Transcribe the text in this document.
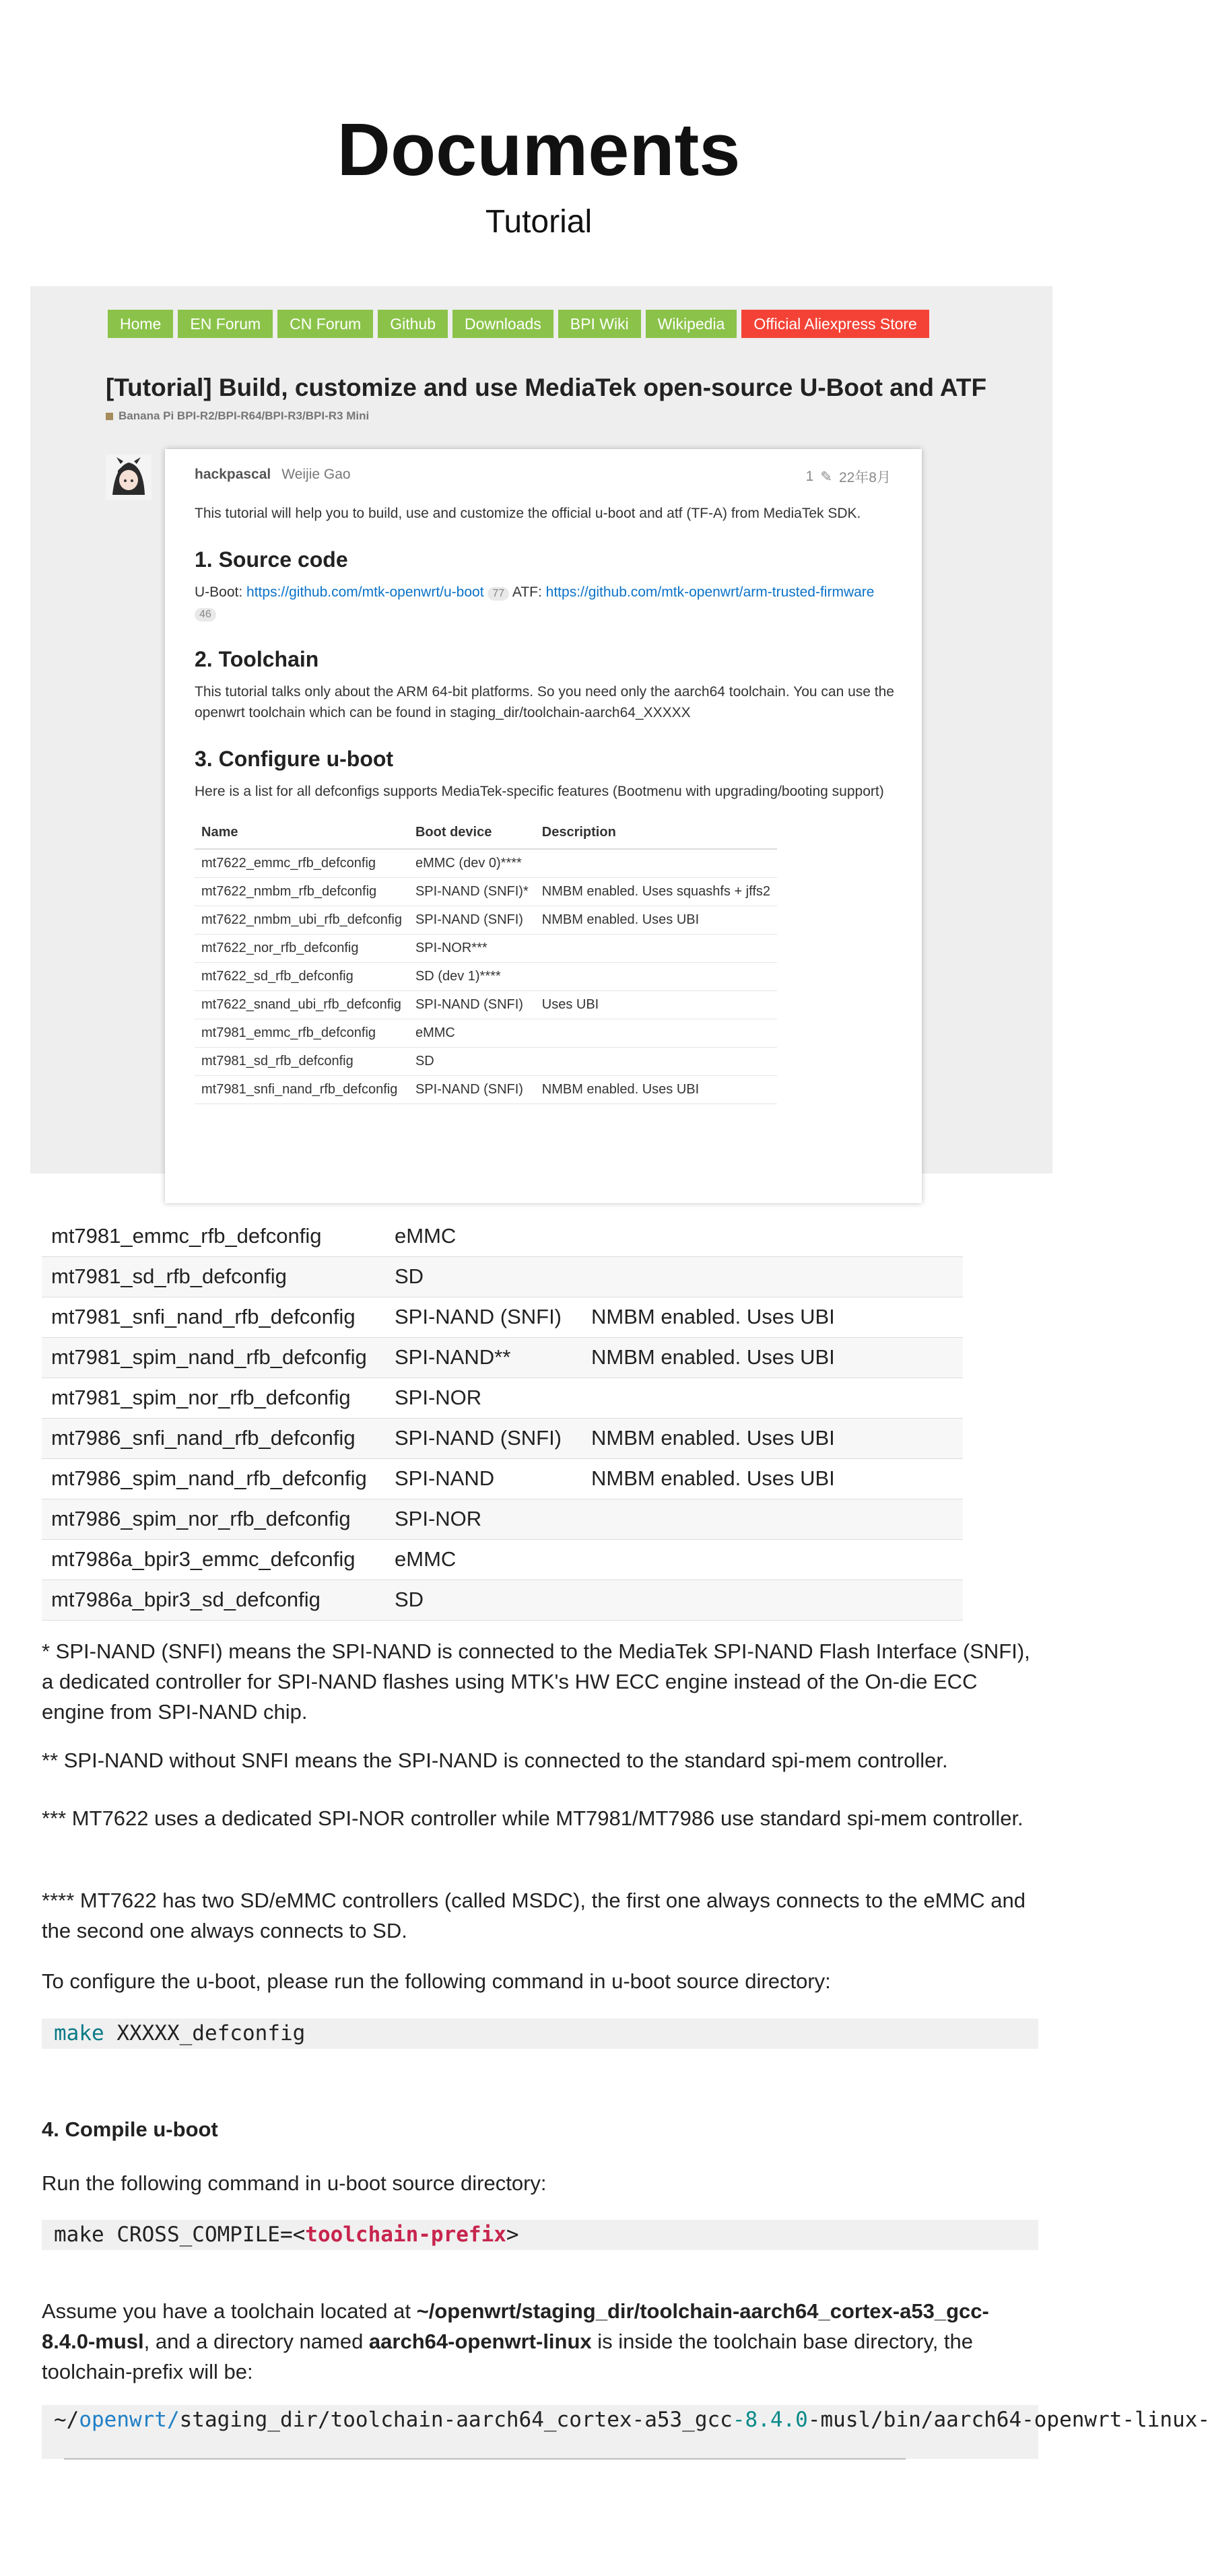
Documents
Tutorial
Home	EN Forum	CN Forum	Github	Downloads	BPI Wiki	Wikipedia	Official Aliexpress Store
[Tutorial] Build, customize and use MediaTek open-source U-Boot and ATF
Banana Pi BPI-R2/BPI-R64/BPI-R3/BPI-R3 Mini
hackpascal Weijie Gao	1 ✎ 22年8月

This tutorial will help you to build, use and customize the official u-boot and atf (TF-A) from MediaTek SDK.

1. Source code

U-Boot: https://github.com/mtk-openwrt/u-boot 77 ATF: https://github.com/mtk-openwrt/arm-trusted-firmware 46

2. Toolchain

This tutorial talks only about the ARM 64-bit platforms. So you need only the aarch64 toolchain. You can use the openwrt toolchain which can be found in staging_dir/toolchain-aarch64_XXXXX

3. Configure u-boot

Here is a list for all defconfigs supports MediaTek-specific features (Bootmenu with upgrading/booting support)

Name	Boot device	Description
mt7622_emmc_rfb_defconfig	eMMC (dev 0)****	
mt7622_nmbm_rfb_defconfig	SPI-NAND (SNFI)*	NMBM enabled. Uses squashfs + jffs2
mt7622_nmbm_ubi_rfb_defconfig	SPI-NAND (SNFI)	NMBM enabled. Uses UBI
mt7622_nor_rfb_defconfig	SPI-NOR***	
mt7622_sd_rfb_defconfig	SD (dev 1)****	
mt7622_snand_ubi_rfb_defconfig	SPI-NAND (SNFI)	Uses UBI
mt7981_emmc_rfb_defconfig	eMMC	
mt7981_sd_rfb_defconfig	SD	
mt7981_snfi_nand_rfb_defconfig	SPI-NAND (SNFI)	NMBM enabled. Uses UBI
mt7981_emmc_rfb_defconfig	eMMC	
mt7981_sd_rfb_defconfig	SD	
mt7981_snfi_nand_rfb_defconfig	SPI-NAND (SNFI)	NMBM enabled. Uses UBI
mt7981_spim_nand_rfb_defconfig	SPI-NAND**	NMBM enabled. Uses UBI
mt7981_spim_nor_rfb_defconfig	SPI-NOR	
mt7986_snfi_nand_rfb_defconfig	SPI-NAND (SNFI)	NMBM enabled. Uses UBI
mt7986_spim_nand_rfb_defconfig	SPI-NAND	NMBM enabled. Uses UBI
mt7986_spim_nor_rfb_defconfig	SPI-NOR	
mt7986a_bpir3_emmc_defconfig	eMMC	
mt7986a_bpir3_sd_defconfig	SD	
* SPI-NAND (SNFI) means the SPI-NAND is connected to the MediaTek SPI-NAND Flash Interface (SNFI), a dedicated controller for SPI-NAND flashes using MTK's HW ECC engine instead of the On-die ECC engine from SPI-NAND chip.
** SPI-NAND without SNFI means the SPI-NAND is connected to the standard spi-mem controller.
*** MT7622 uses a dedicated SPI-NOR controller while MT7981/MT7986 use standard spi-mem controller.
**** MT7622 has two SD/eMMC controllers (called MSDC), the first one always connects to the eMMC and the second one always connects to SD.
To configure the u-boot, please run the following command in u-boot source directory:
make XXXXX_defconfig
4. Compile u-boot
Run the following command in u-boot source directory:
make CROSS_COMPILE=<toolchain-prefix>
Assume you have a toolchain located at ~/openwrt/staging_dir/toolchain-aarch64_cortex-a53_gcc-8.4.0-musl, and a directory named aarch64-openwrt-linux is inside the toolchain base directory, the toolchain-prefix will be:
~/openwrt/staging_dir/toolchain-aarch64_cortex-a53_gcc-8.4.0-musl/bin/aarch64-openwrt-linux-
